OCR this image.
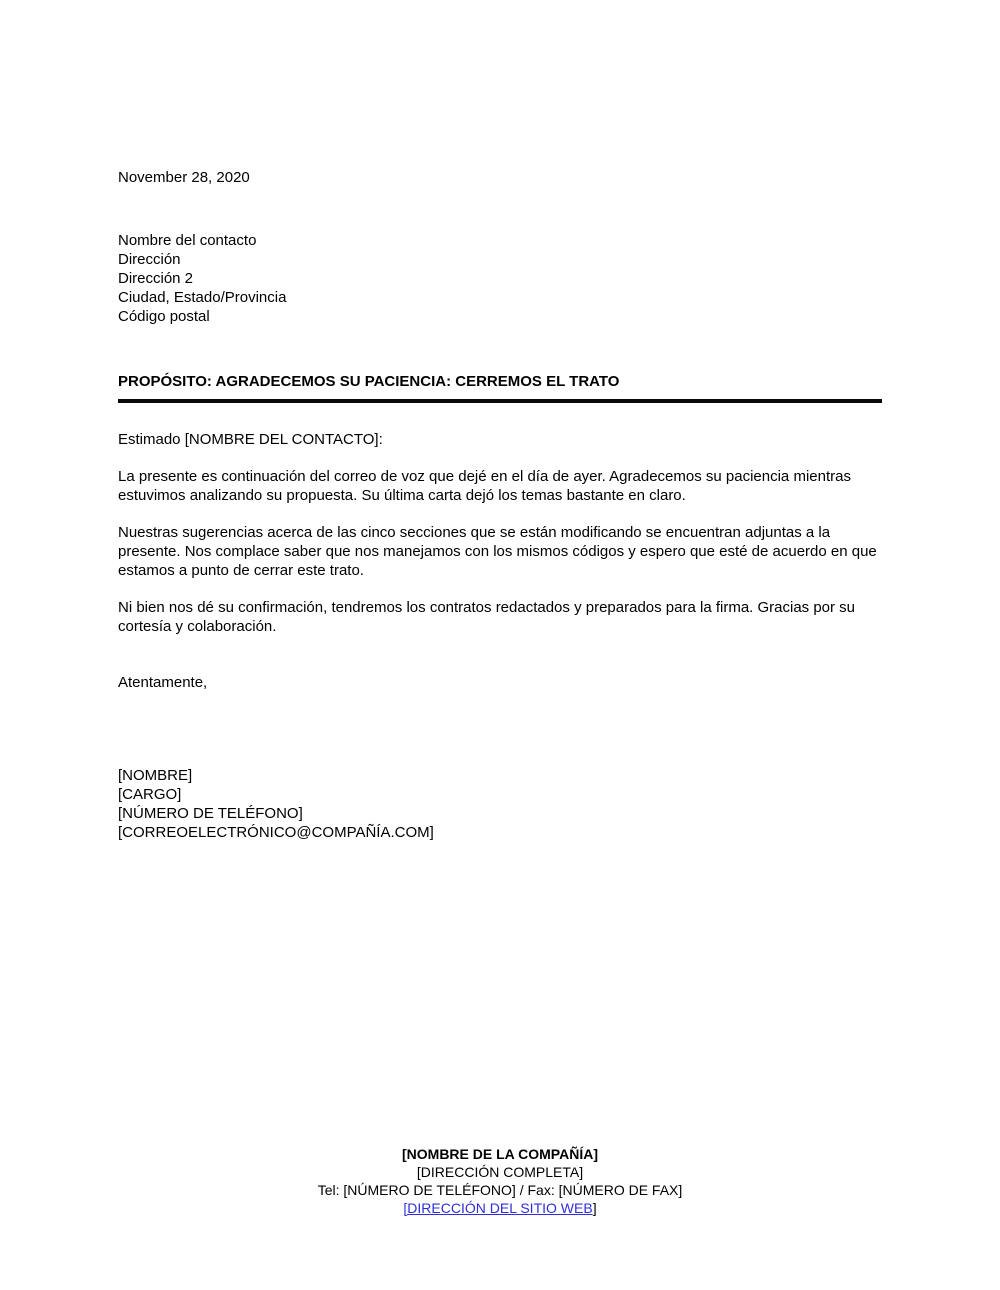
November 28, 2020

Nombre del contacto
Dirección
Dirección 2
Ciudad, Estado/Provincia
Código postal

PROPÓSITO: AGRADECEMOS SU PACIENCIA: CERREMOS EL TRATO

Estimado [NOMBRE DEL CONTACTO]:

La presente es continuación del correo de voz que dejé en el día de ayer. Agradecemos su paciencia mientras estuvimos analizando su propuesta. Su última carta dejó los temas bastante en claro.

Nuestras sugerencias acerca de las cinco secciones que se están modificando se encuentran adjuntas a la presente. Nos complace saber que nos manejamos con los mismos códigos y espero que esté de acuerdo en que estamos a punto de cerrar este trato.

Ni bien nos dé su confirmación, tendremos los contratos redactados y preparados para la firma. Gracias por su cortesía y colaboración.

Atentamente,

[NOMBRE]
[CARGO]
[NÚMERO DE TELÉFONO]
[CORREOELECTRÓNICO@COMPAÑÍA.COM]
[NOMBRE DE LA COMPAÑÍA]
[DIRECCIÓN COMPLETA]
Tel: [NÚMERO DE TELÉFONO] / Fax: [NÚMERO DE FAX]
[DIRECCIÓN DEL SITIO WEB]
